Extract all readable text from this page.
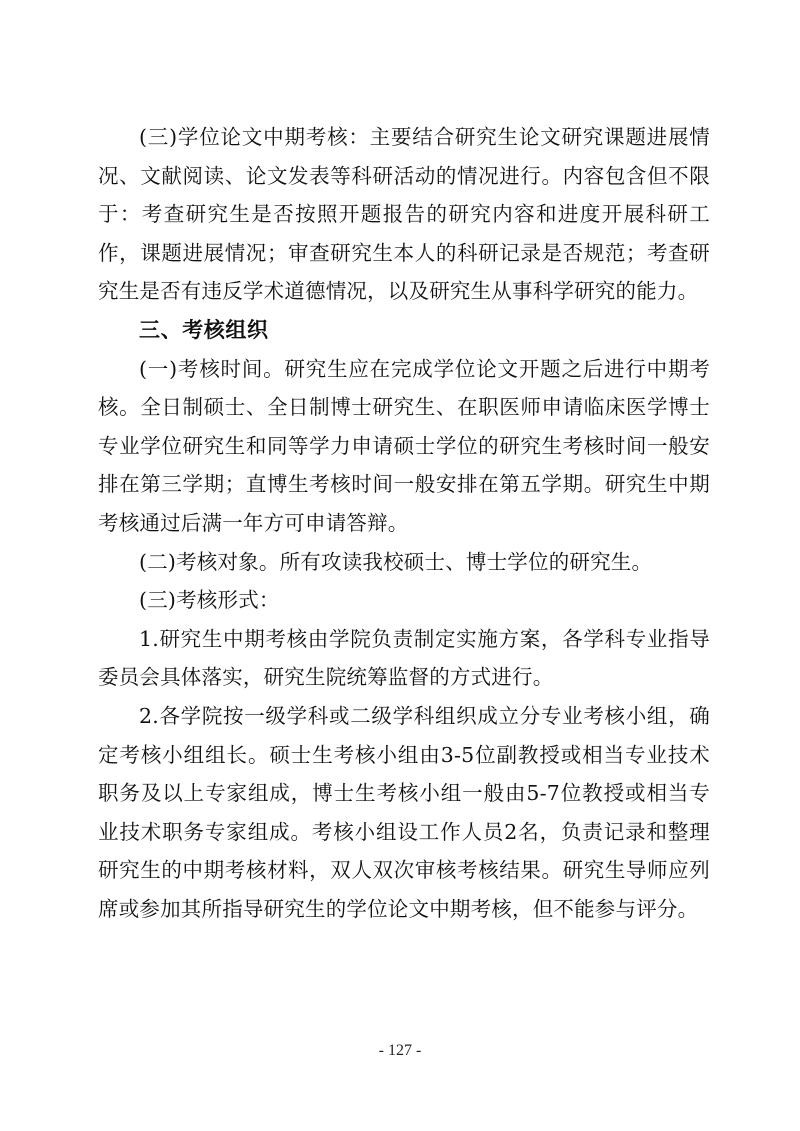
(三)学位论文中期考核：主要结合研究生论文研究课题进展情况、文献阅读、论文发表等科研活动的情况进行。内容包含但不限于：考查研究生是否按照开题报告的研究内容和进度开展科研工作，课题进展情况；审查研究生本人的科研记录是否规范；考查研究生是否有违反学术道德情况，以及研究生从事科学研究的能力。

三、考核组织

(一)考核时间。研究生应在完成学位论文开题之后进行中期考核。全日制硕士、全日制博士研究生、在职医师申请临床医学博士专业学位研究生和同等学力申请硕士学位的研究生考核时间一般安排在第三学期；直博生考核时间一般安排在第五学期。研究生中期考核通过后满一年方可申请答辩。

(二)考核对象。所有攻读我校硕士、博士学位的研究生。

(三)考核形式：

1.研究生中期考核由学院负责制定实施方案，各学科专业指导委员会具体落实，研究生院统筹监督的方式进行。

2.各学院按一级学科或二级学科组织成立分专业考核小组，确定考核小组组长。硕士生考核小组由3-5位副教授或相当专业技术职务及以上专家组成，博士生考核小组一般由5-7位教授或相当专业技术职务专家组成。考核小组设工作人员2名，负责记录和整理研究生的中期考核材料，双人双次审核考核结果。研究生导师应列席或参加其所指导研究生的学位论文中期考核，但不能参与评分。

- 127 -
